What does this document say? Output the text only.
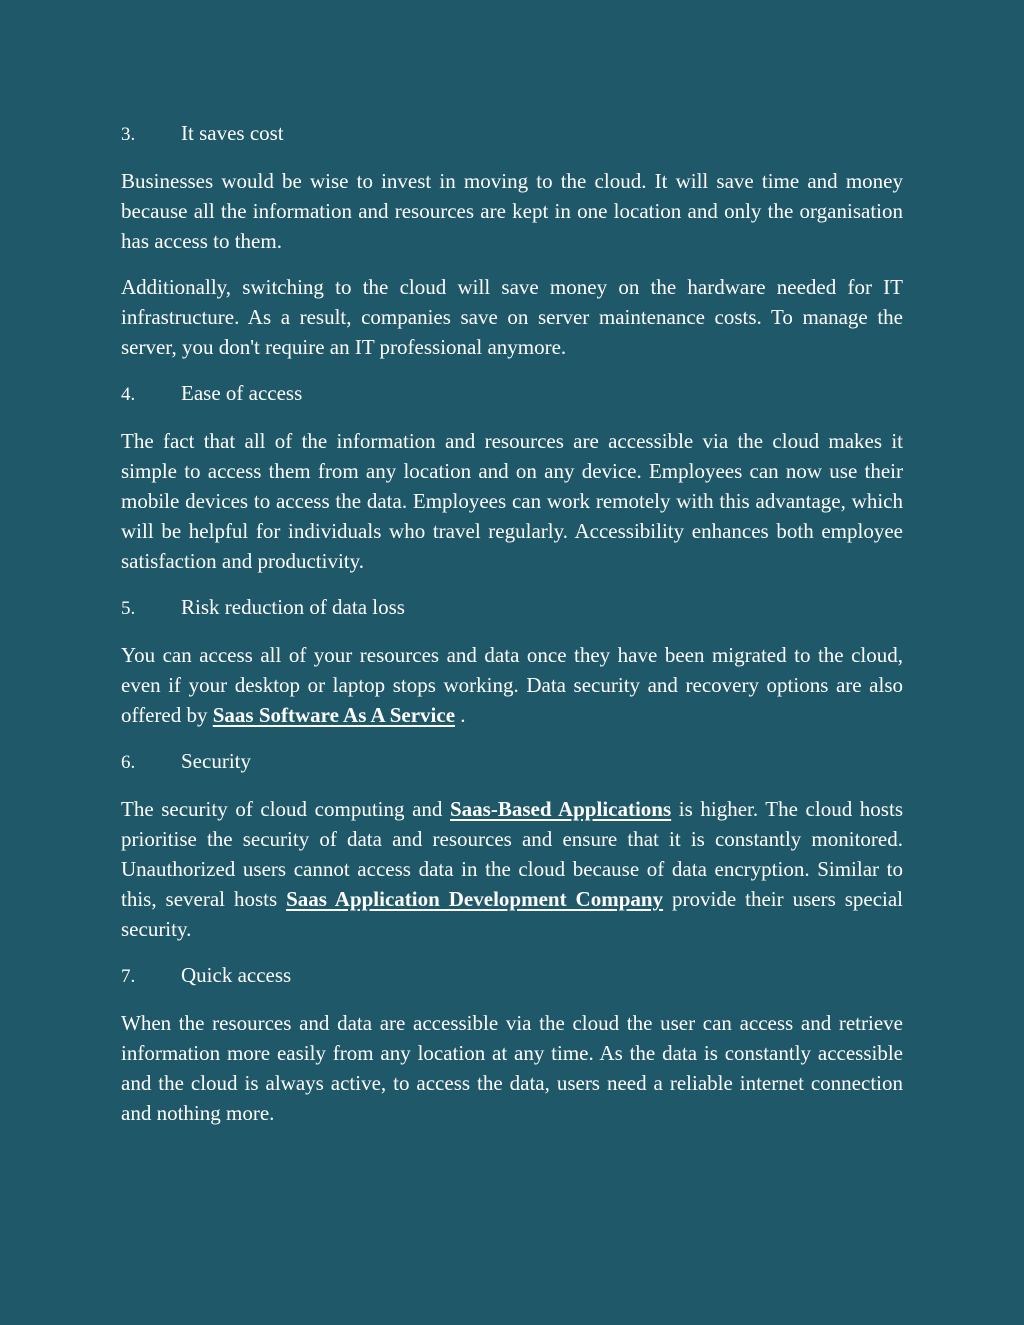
3.	It saves cost

Businesses would be wise to invest in moving to the cloud. It will save time and money because all the information and resources are kept in one location and only the organisation has access to them.

Additionally, switching to the cloud will save money on the hardware needed for IT infrastructure. As a result, companies save on server maintenance costs. To manage the server, you don't require an IT professional anymore.

4.	Ease of access

The fact that all of the information and resources are accessible via the cloud makes it simple to access them from any location and on any device. Employees can now use their mobile devices to access the data. Employees can work remotely with this advantage, which will be helpful for individuals who travel regularly. Accessibility enhances both employee satisfaction and productivity.

5.	Risk reduction of data loss

You can access all of your resources and data once they have been migrated to the cloud, even if your desktop or laptop stops working. Data security and recovery options are also offered by Saas Software As A Service .

6.	Security

The security of cloud computing and Saas-Based Applications is higher. The cloud hosts prioritise the security of data and resources and ensure that it is constantly monitored. Unauthorized users cannot access data in the cloud because of data encryption. Similar to this, several hosts Saas Application Development Company provide their users special security.

7.	Quick access

When the resources and data are accessible via the cloud the user can access and retrieve information more easily from any location at any time. As the data is constantly accessible and the cloud is always active, to access the data, users need a reliable internet connection and nothing more.
